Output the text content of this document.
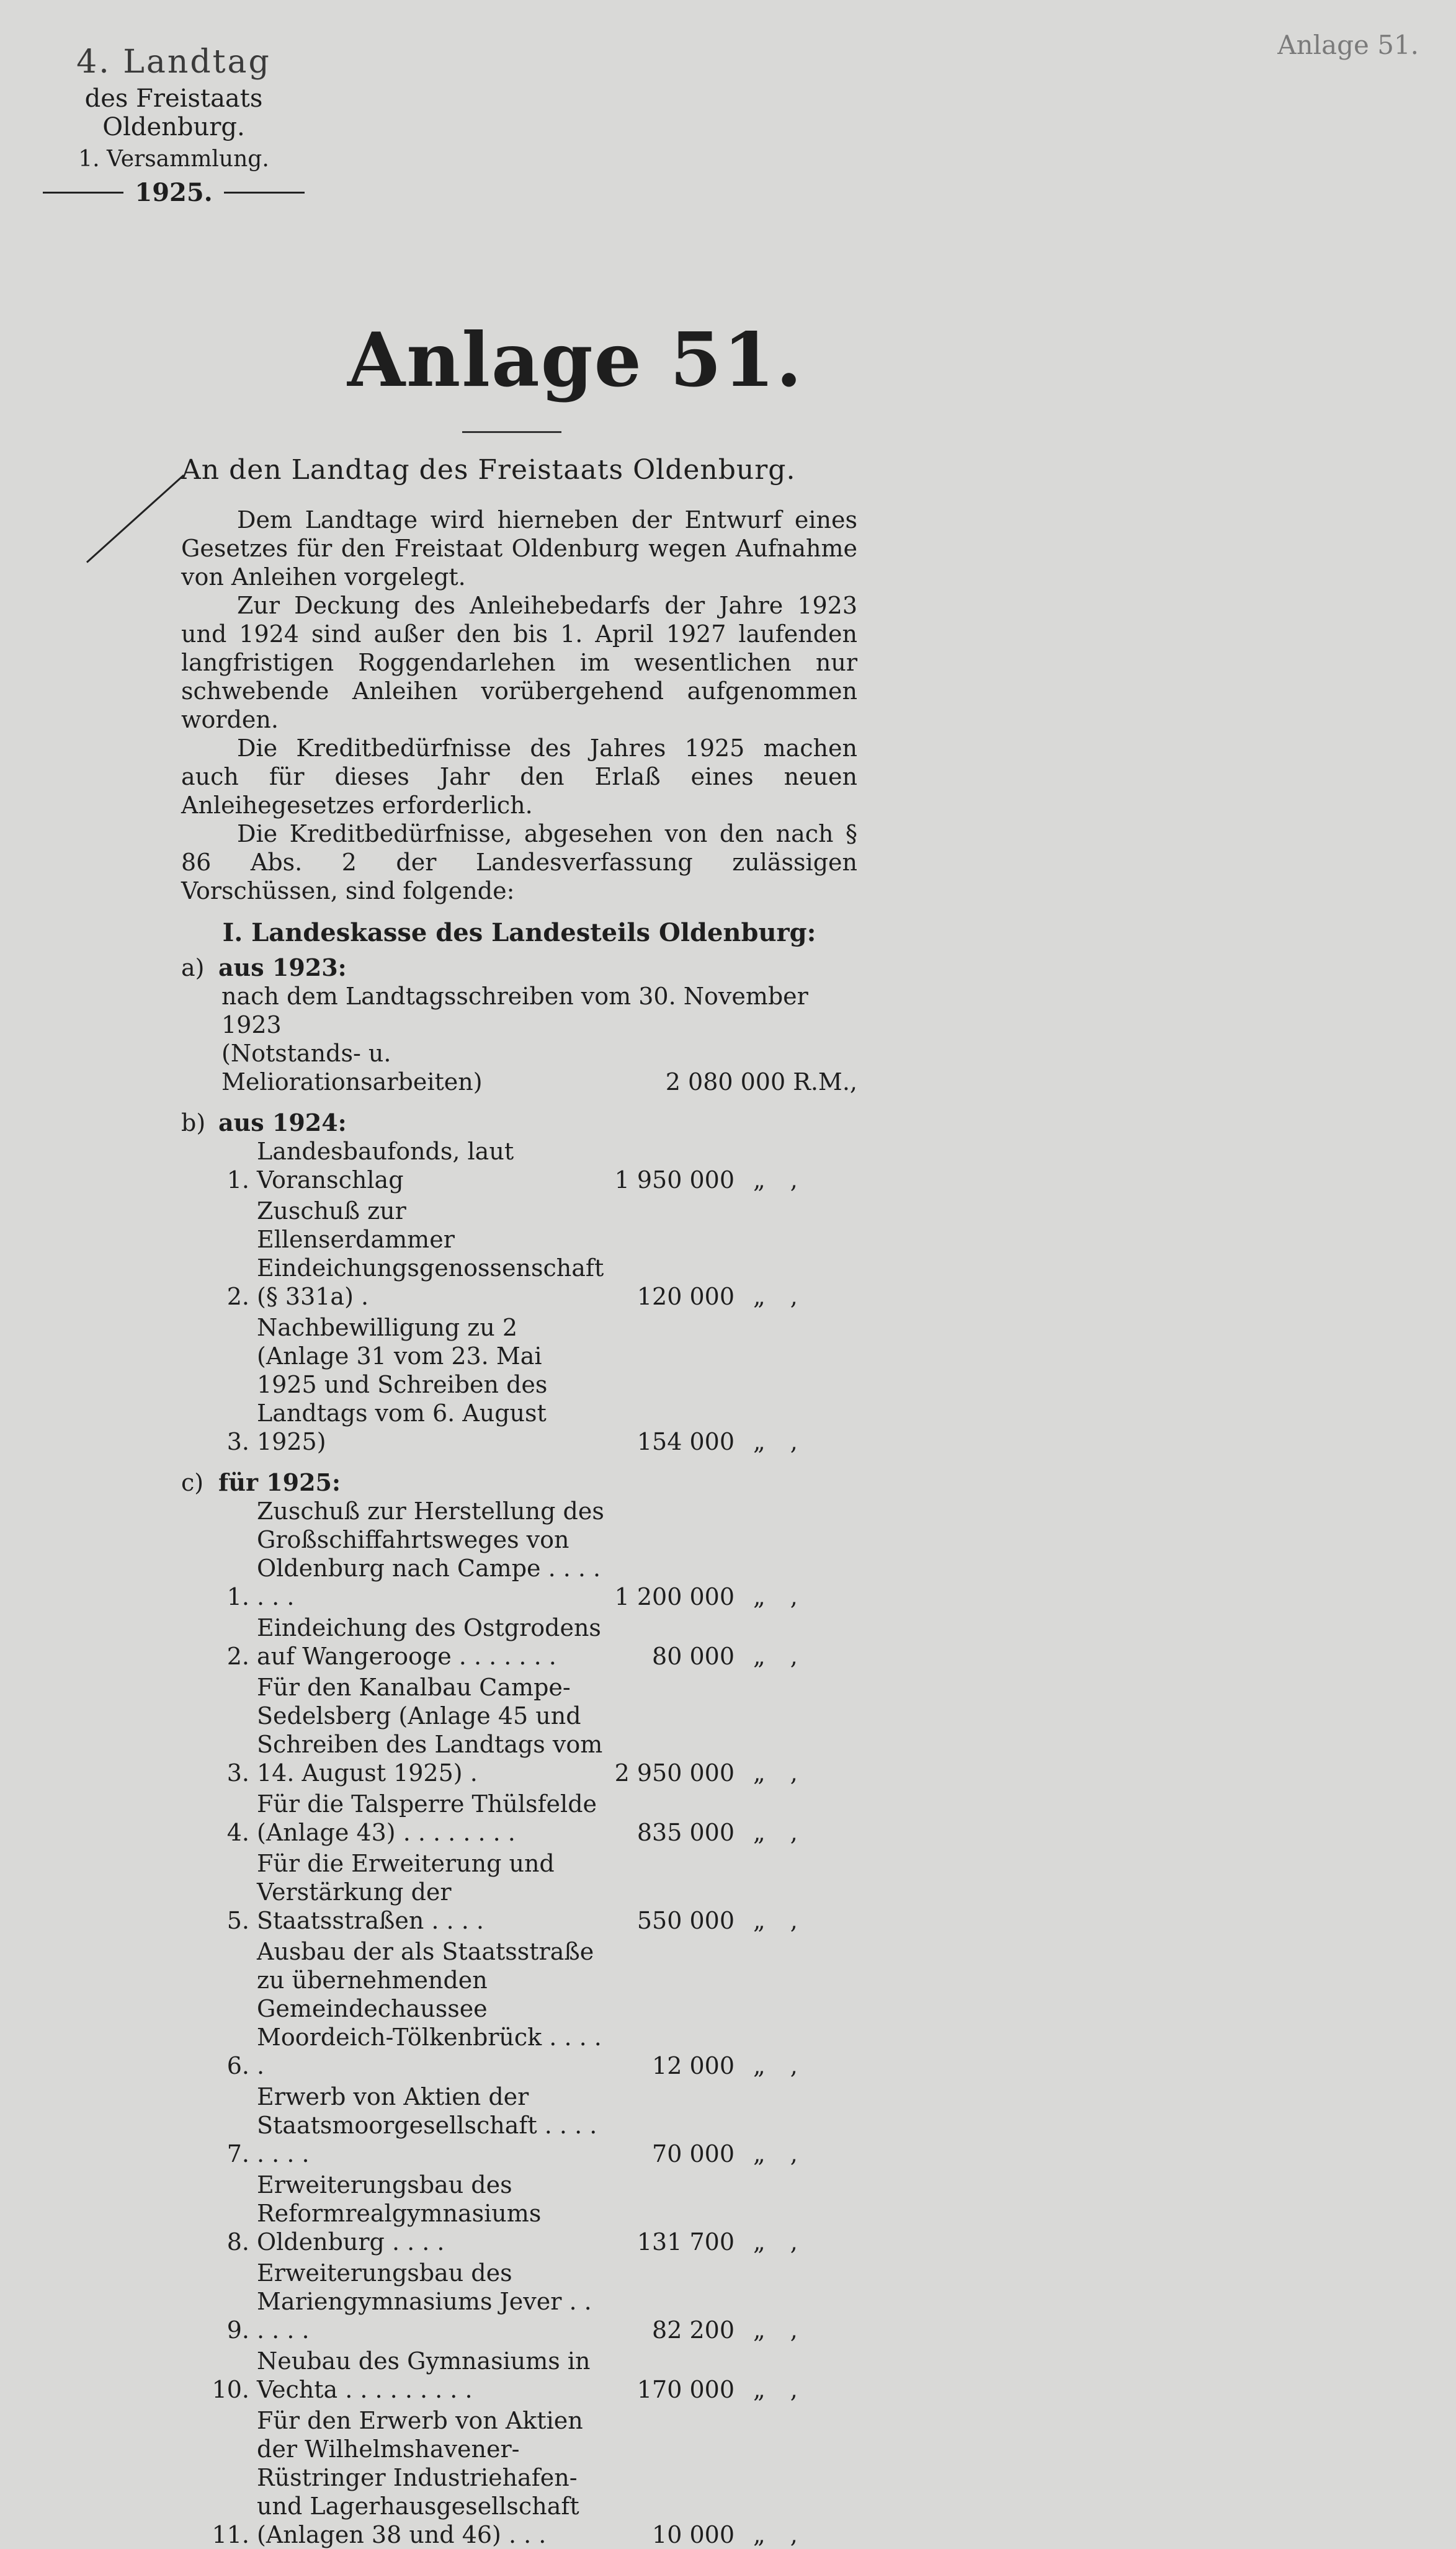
4. Landtag
des Freistaats Oldenburg.
1. Versammlung.
1925.
Anlage 51.
Anlage 51.
An den Landtag des Freistaats Oldenburg.

Dem Landtage wird hierneben der Entwurf eines Gesetzes für den Freistaat Oldenburg wegen Aufnahme von Anleihen vorgelegt.

Zur Deckung des Anleihebedarfs der Jahre 1923 und 1924 sind außer den bis 1. April 1927 laufenden langfristigen Roggendarlehen im wesentlichen nur schwebende Anleihen vorübergehend aufgenommen worden.

Die Kreditbedürfnisse des Jahres 1925 machen auch für dieses Jahr den Erlaß eines neuen Anleihegesetzes erforderlich.

Die Kreditbedürfnisse, abgesehen von den nach § 86 Abs. 2 der Landesverfassung zulässigen Vorschüssen, sind folgende:

I. Landeskasse des Landesteils Oldenburg:
a) aus 1923:
nach dem Landtagsschreiben vom 30. November 1923
(Notstands- u. Meliorationsarbeiten)	2 080 000 R.M.,
b) aus 1924:
1.
Landesbaufonds, laut Voranschlag	1 950 000 „ ,
2.
Zuschuß zur Ellenserdammer Eindeichungsgenossenschaft (§ 331a) .	120 000 „ ,
3.
Nachbewilligung zu 2 (Anlage 31 vom 23. Mai 1925 und Schreiben des Landtags vom 6. August 1925)	154 000 „ ,
c) für 1925:
1.
Zuschuß zur Herstellung des Großschiffahrtsweges von Oldenburg nach Campe . . . . . . .	1 200 000 „ ,
2.
Eindeichung des Ostgrodens auf Wangerooge . . . . . . .	80 000 „ ,
3.
Für den Kanalbau Campe-Sedelsberg (Anlage 45 und Schreiben des Landtags vom 14. August 1925) .	2 950 000 „ ,
4.
Für die Talsperre Thülsfelde (Anlage 43) . . . . . . . .	835 000 „ ,
5.
Für die Erweiterung und Verstärkung der Staatsstraßen . . . .	550 000 „ ,
6.
Ausbau der als Staatsstraße zu übernehmenden Gemeindechaussee Moordeich-Tölkenbrück . . . . .	12 000 „ ,
7.
Erwerb von Aktien der Staatsmoorgesellschaft . . . . . . . .	70 000 „ ,
8.
Erweiterungsbau des Reformrealgymnasiums Oldenburg . . . .	131 700 „ ,
9.
Erweiterungsbau des Mariengymnasiums Jever . . . . . .	82 200 „ ,
10.
Neubau des Gymnasiums in Vechta . . . . . . . . .	170 000 „ ,
11.
Für den Erwerb von Aktien der Wilhelmshavener-Rüstringer Industriehafen- und Lagerhausgesellschaft (Anlagen 38 und 46) . . .	10 000 „ ,
